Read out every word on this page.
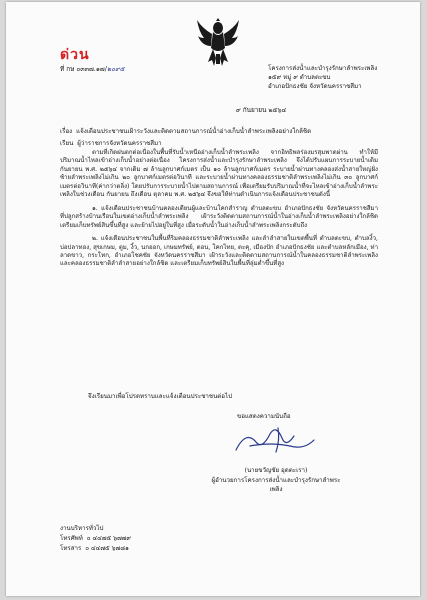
ด่วน
ที่ กษ ๐๓๓๗.๑๗/๒๐๙๕	โครงการส่งน้ำและบำรุงรักษาลำพระเพลิง
๑๕๙ หมู่ ๙ ตำบลตะขบ
อำเภอปักธงชัย จังหวัดนครราชสีมา
๙ กันยายน ๒๕๖๔
เรื่อง แจ้งเตือนประชาชนเฝ้าระวังและติดตามสถานการณ์น้ำอ่างเก็บน้ำลำพระเพลิงอย่างใกล้ชิด
เรียน ผู้ว่าราชการจังหวัดนครราชสีมา

ตามที่เกิดฝนตกต่อเนื่องในพื้นที่รับน้ำเหนืออ่างเก็บน้ำลำพระเพลิง จากอิทธิพลร่องมรสุมพาดผ่าน ทำให้มีปริมาณน้ำไหลเข้าอ่างเก็บน้ำอย่างต่อเนื่อง โครงการส่งน้ำและบำรุงรักษาลำพระเพลิง จึงได้ปรับแผนการระบายน้ำเดิม กันยายน พ.ศ. ๒๕๖๔ จากเดิม ๗ ล้านลูกบาศก์เมตร เป็น ๑๐ ล้านลูกบาศก์เมตร ระบายน้ำผ่านทางคลองส่งน้ำสายใหญ่ฝั่งซ้ายลำพระเพลิงไม่เกิน ๒๐ ลูกบาศก์เมตรต่อวินาที และระบายน้ำผ่านทางคลองธรรมชาติลำพระเพลิงไม่เกิน ๓๐ ลูกบาศก์เมตรต่อวินาที(ค่ากว่าตลิ่ง) โดยปรับการระบายน้ำไปตามสถานการณ์ เพื่อเตรียมรับปริมาณน้ำที่จะไหลเข้าอ่างเก็บน้ำลำพระเพลิงในช่วงเดือน กันยายน ถึงเดือน ตุลาคม พ.ศ. ๒๕๖๔ จึงขอให้ท่านดำเนินการแจ้งเตือนประชาชนดังนี้

๑. แจ้งเตือนประชาชนบ้านคลองเตียนผู้และบ้านโคกสำราญ ตำบลตะขบ อำเภอปักธงชัย จังหวัดนครราชสีมา ที่ปลูกสร้างบ้านเรือนในเขตอ่างเก็บน้ำลำพระเพลิง เฝ้าระวังติดตามสถานการณ์น้ำในอ่างเก็บน้ำลำพระเพลิงอย่างใกล้ชิด เตรียมเก็บทรัพย์สินขึ้นที่สูง และย้ายไปอยู่ในที่สูง เมื่อระดับน้ำในอ่างเก็บน้ำลำพระเพลิงกระดับถึง

๒. แจ้งเตือนประชาชนในพื้นที่ริมคลองธรรมชาติลำพระเพลิง และลำลำสายในเขตพื้นที่ ตำบลตะขบ, ตำบลงิ้ว, บ่อปลาทอง, สุขเกษม, ตูม, งิ้ว, นกออก, เกษมทรัพย์, ตอน, โคกไทย, ตะคุ, เมืองปัก อำเภอปักธงชัย และตำบลหลักเมือง, ท่าลาดขาว, กระโทก, อำเภอโชคชัย จังหวัดนครราชสีมา เฝ้าระวังและติดตามสถานการณ์น้ำในคลองธรรมชาติลำพระเพลิง และคลองธรรมชาติลำลำสายอย่างใกล้ชิด และเตรียมเก็บทรัพย์สินในพื้นที่ลุ่มต่ำขึ้นที่สูง

จึงเรียนมาเพื่อโปรดทราบและแจ้งเตือนประชาชนต่อไป
ขอแสดงความนับถือ
(นายขวัญชัย อุดตะเรา)
ผู้อำนวยการโครงการส่งน้ำและบำรุงรักษาลำพระเพลิง
งานบริหารทั่วไป
โทรศัพท์ ๐ ๔๔๗๕ ๖๗๗๙
โทรสาร ๐ ๔๔๗๕ ๖๗๘๑
